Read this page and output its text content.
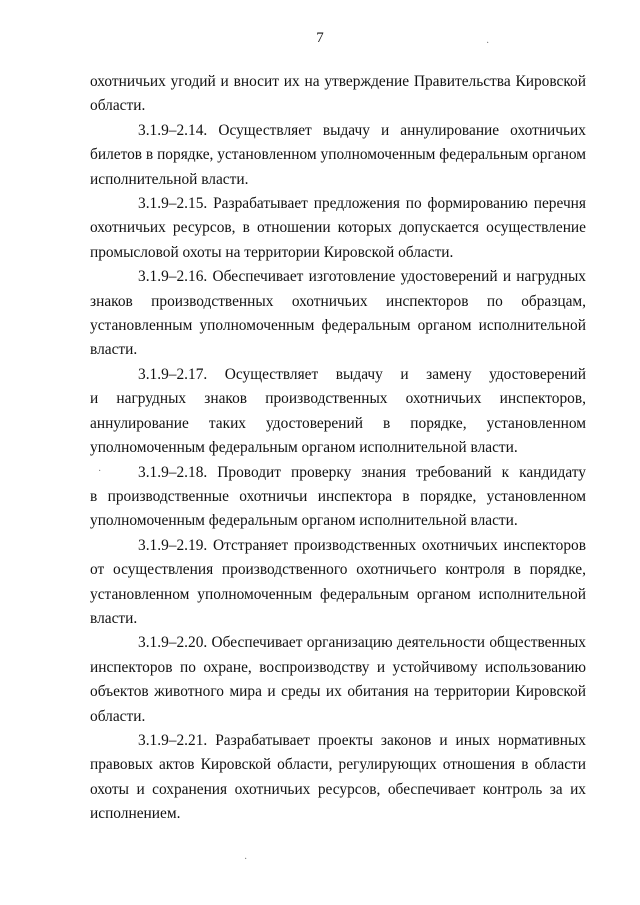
7

охотничьих угодий и вносит их на утверждение Правительства Кировской
области.

3.1.9–2.14. Осуществляет выдачу и аннулирование охотничьих
билетов в порядке, установленном уполномоченным федеральным органом
исполнительной власти.

3.1.9–2.15. Разрабатывает предложения по формированию перечня
охотничьих ресурсов, в отношении которых допускается осуществление
промысловой охоты на территории Кировской области.

3.1.9–2.16. Обеспечивает изготовление удостоверений и нагрудных
знаков производственных охотничьих инспекторов по образцам,
установленным уполномоченным федеральным органом исполнительной
власти.

3.1.9–2.17. Осуществляет выдачу и замену удостоверений
и нагрудных знаков производственных охотничьих инспекторов,
аннулирование таких удостоверений в порядке, установленном
уполномоченным федеральным органом исполнительной власти.

3.1.9–2.18. Проводит проверку знания требований к кандидату
в производственные охотничьи инспектора в порядке, установленном
уполномоченным федеральным органом исполнительной власти.

3.1.9–2.19. Отстраняет производственных охотничьих инспекторов
от осуществления производственного охотничьего контроля в порядке,
установленном уполномоченным федеральным органом исполнительной
власти.

3.1.9–2.20. Обеспечивает организацию деятельности общественных
инспекторов по охране, воспроизводству и устойчивому использованию
объектов животного мира и среды их обитания на территории Кировской
области.

3.1.9–2.21. Разрабатывает проекты законов и иных нормативных
правовых актов Кировской области, регулирующих отношения в области
охоты и сохранения охотничьих ресурсов, обеспечивает контроль за их
исполнением.

·
·
·
